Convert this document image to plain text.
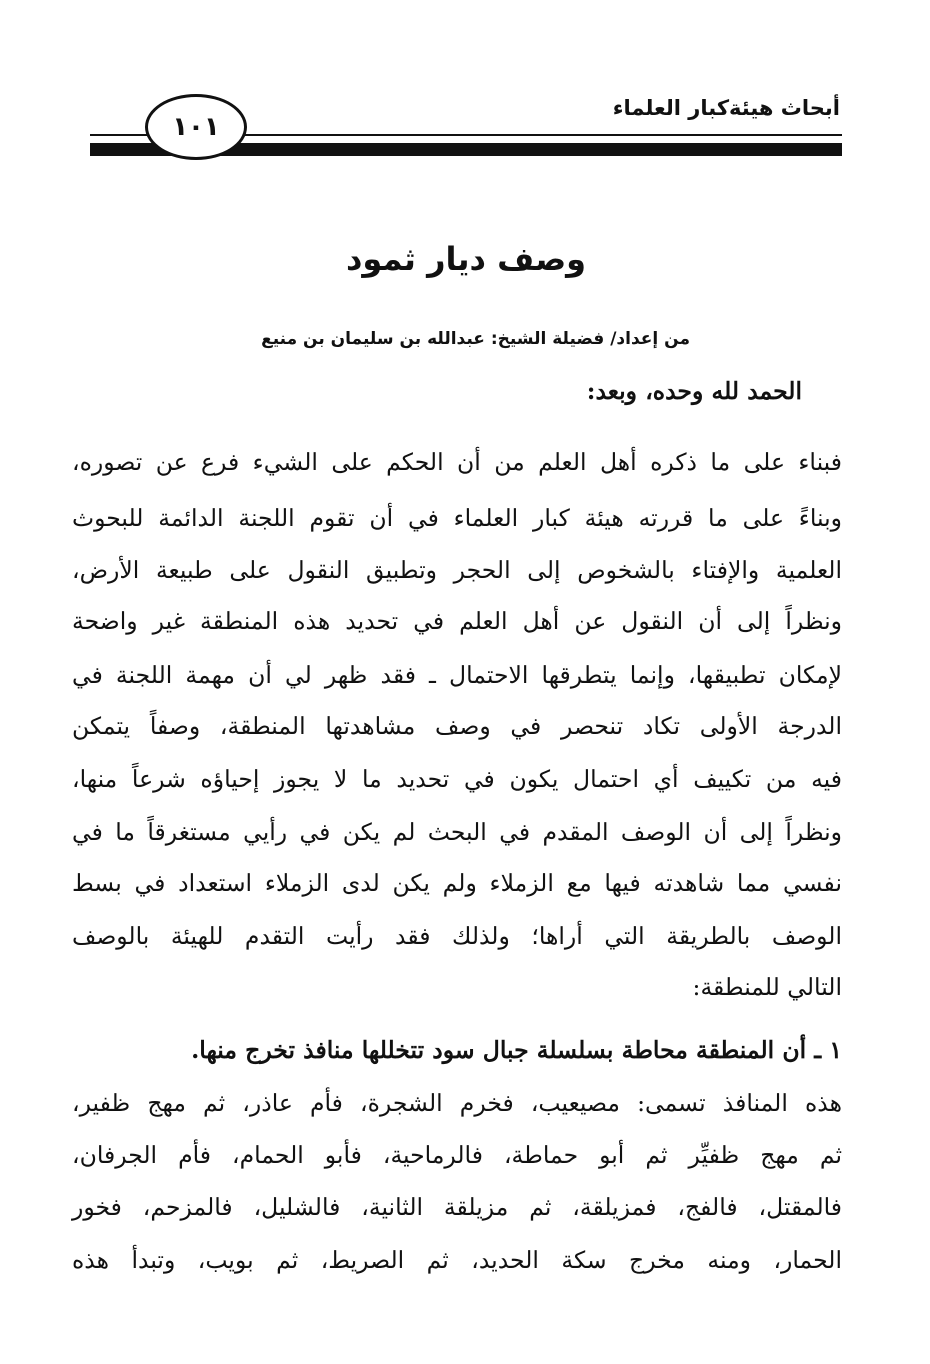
أبحاث هيئةكبار العلماء
١٠١
وصف ديار ثمود
من إعداد/ فضيلة الشيخ: عبدالله بن سليمان بن منيع
الحمد لله وحده، وبعد:
فبناء على ما ذكره أهل العلم من أن الحكم على الشيء فرع عن تصوره،
وبناءً على ما قررته هيئة كبار العلماء في أن تقوم اللجنة الدائمة للبحوث
العلمية والإفتاء بالشخوص إلى الحجر وتطبيق النقول على طبيعة الأرض،
ونظراً إلى أن النقول عن أهل العلم في تحديد هذه المنطقة غير واضحة
لإمكان تطبيقها، وإنما يتطرقها الاحتمال ـ فقد ظهر لي أن مهمة اللجنة في
الدرجة الأولى تكاد تنحصر في وصف مشاهدتها المنطقة، وصفاً يتمكن
فيه من تكييف أي احتمال يكون في تحديد ما لا يجوز إحياؤه شرعاً منها،
ونظراً إلى أن الوصف المقدم في البحث لم يكن في رأيي مستغرقاً ما في
نفسي مما شاهدته فيها مع الزملاء ولم يكن لدى الزملاء استعداد في بسط
الوصف بالطريقة التي أراها؛ ولذلك فقد رأيت التقدم للهيئة بالوصف
التالي للمنطقة:
١ ـ أن المنطقة محاطة بسلسلة جبال سود تتخللها منافذ تخرج منها.
هذه المنافذ تسمى: مصيعيب، فخرم الشجرة، فأم عاذر، ثم مهج ظفير،
ثم مهج ظفيِّر ثم أبو حماطة، فالرماحية، فأبو الحمام، فأم الجرفان،
فالمقتل، فالفج، فمزيلقة، ثم مزيلقة الثانية، فالشليل، فالمزحم، فخور
الحمار، ومنه مخرج سكة الحديد، ثم الصريط، ثم بويب، وتبدأ هذه
